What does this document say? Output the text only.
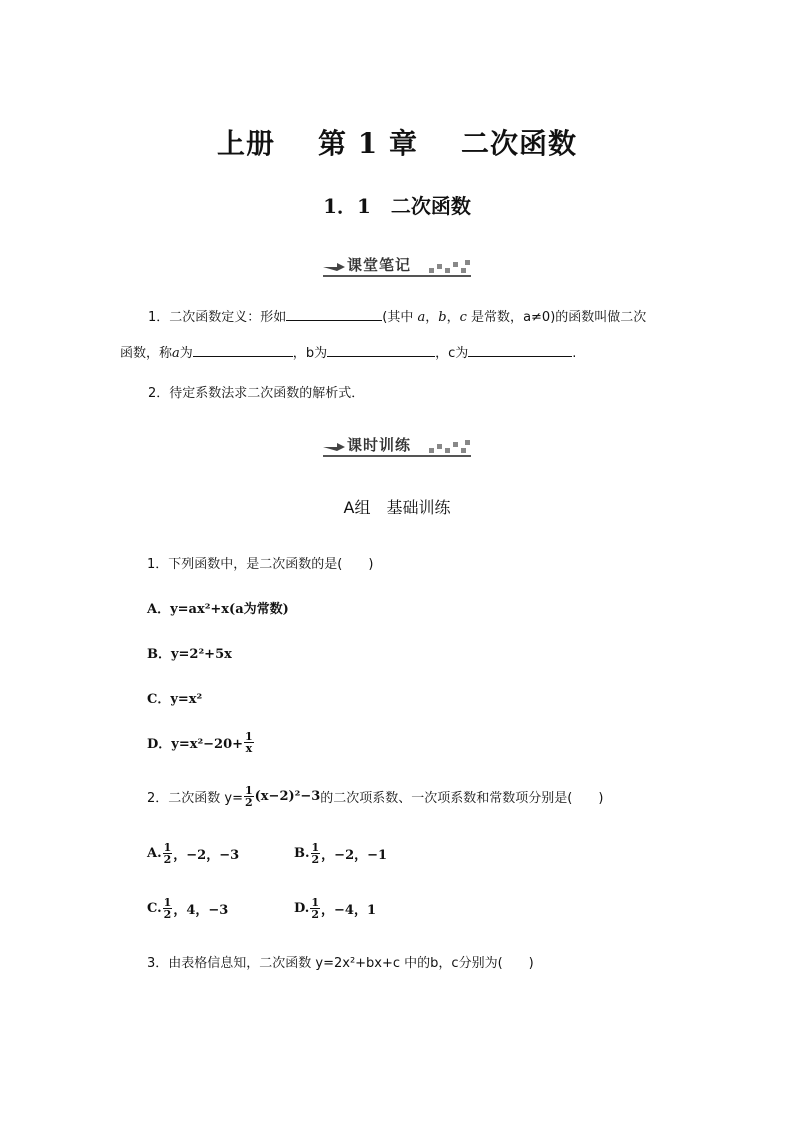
上册 第 1 章 二次函数
1．1　二次函数
课堂笔记
1．二次函数定义：形如	(其中 a，b，c 是常数，a≠0)的函数叫做二次
函数，称a为	，b为	，c为	.
2．待定系数法求二次函数的解析式．
课时训练
A组　基础训练
1．下列函数中，是二次函数的是(　　)
A．y=ax²+x(a为常数)
B．y=2²+5x
C．y=x²
D．$y=x^2-20+ \frac{1}{x}$
2．二次函数 $y= \frac{1}{2} (x-2)^2-3$的二次项系数、一次项系数和常数项分别是(　　)
A. $\frac{1}{2}$ ，−2，−3	B. $\frac{1}{2}$ ，−2，−1
C. $\frac{1}{2}$ ，4，−3	D. $\frac{1}{2}$ ，−4，1
3．由表格信息知，二次函数 y=2x²+bx+c 中的b，c分别为(　　)
